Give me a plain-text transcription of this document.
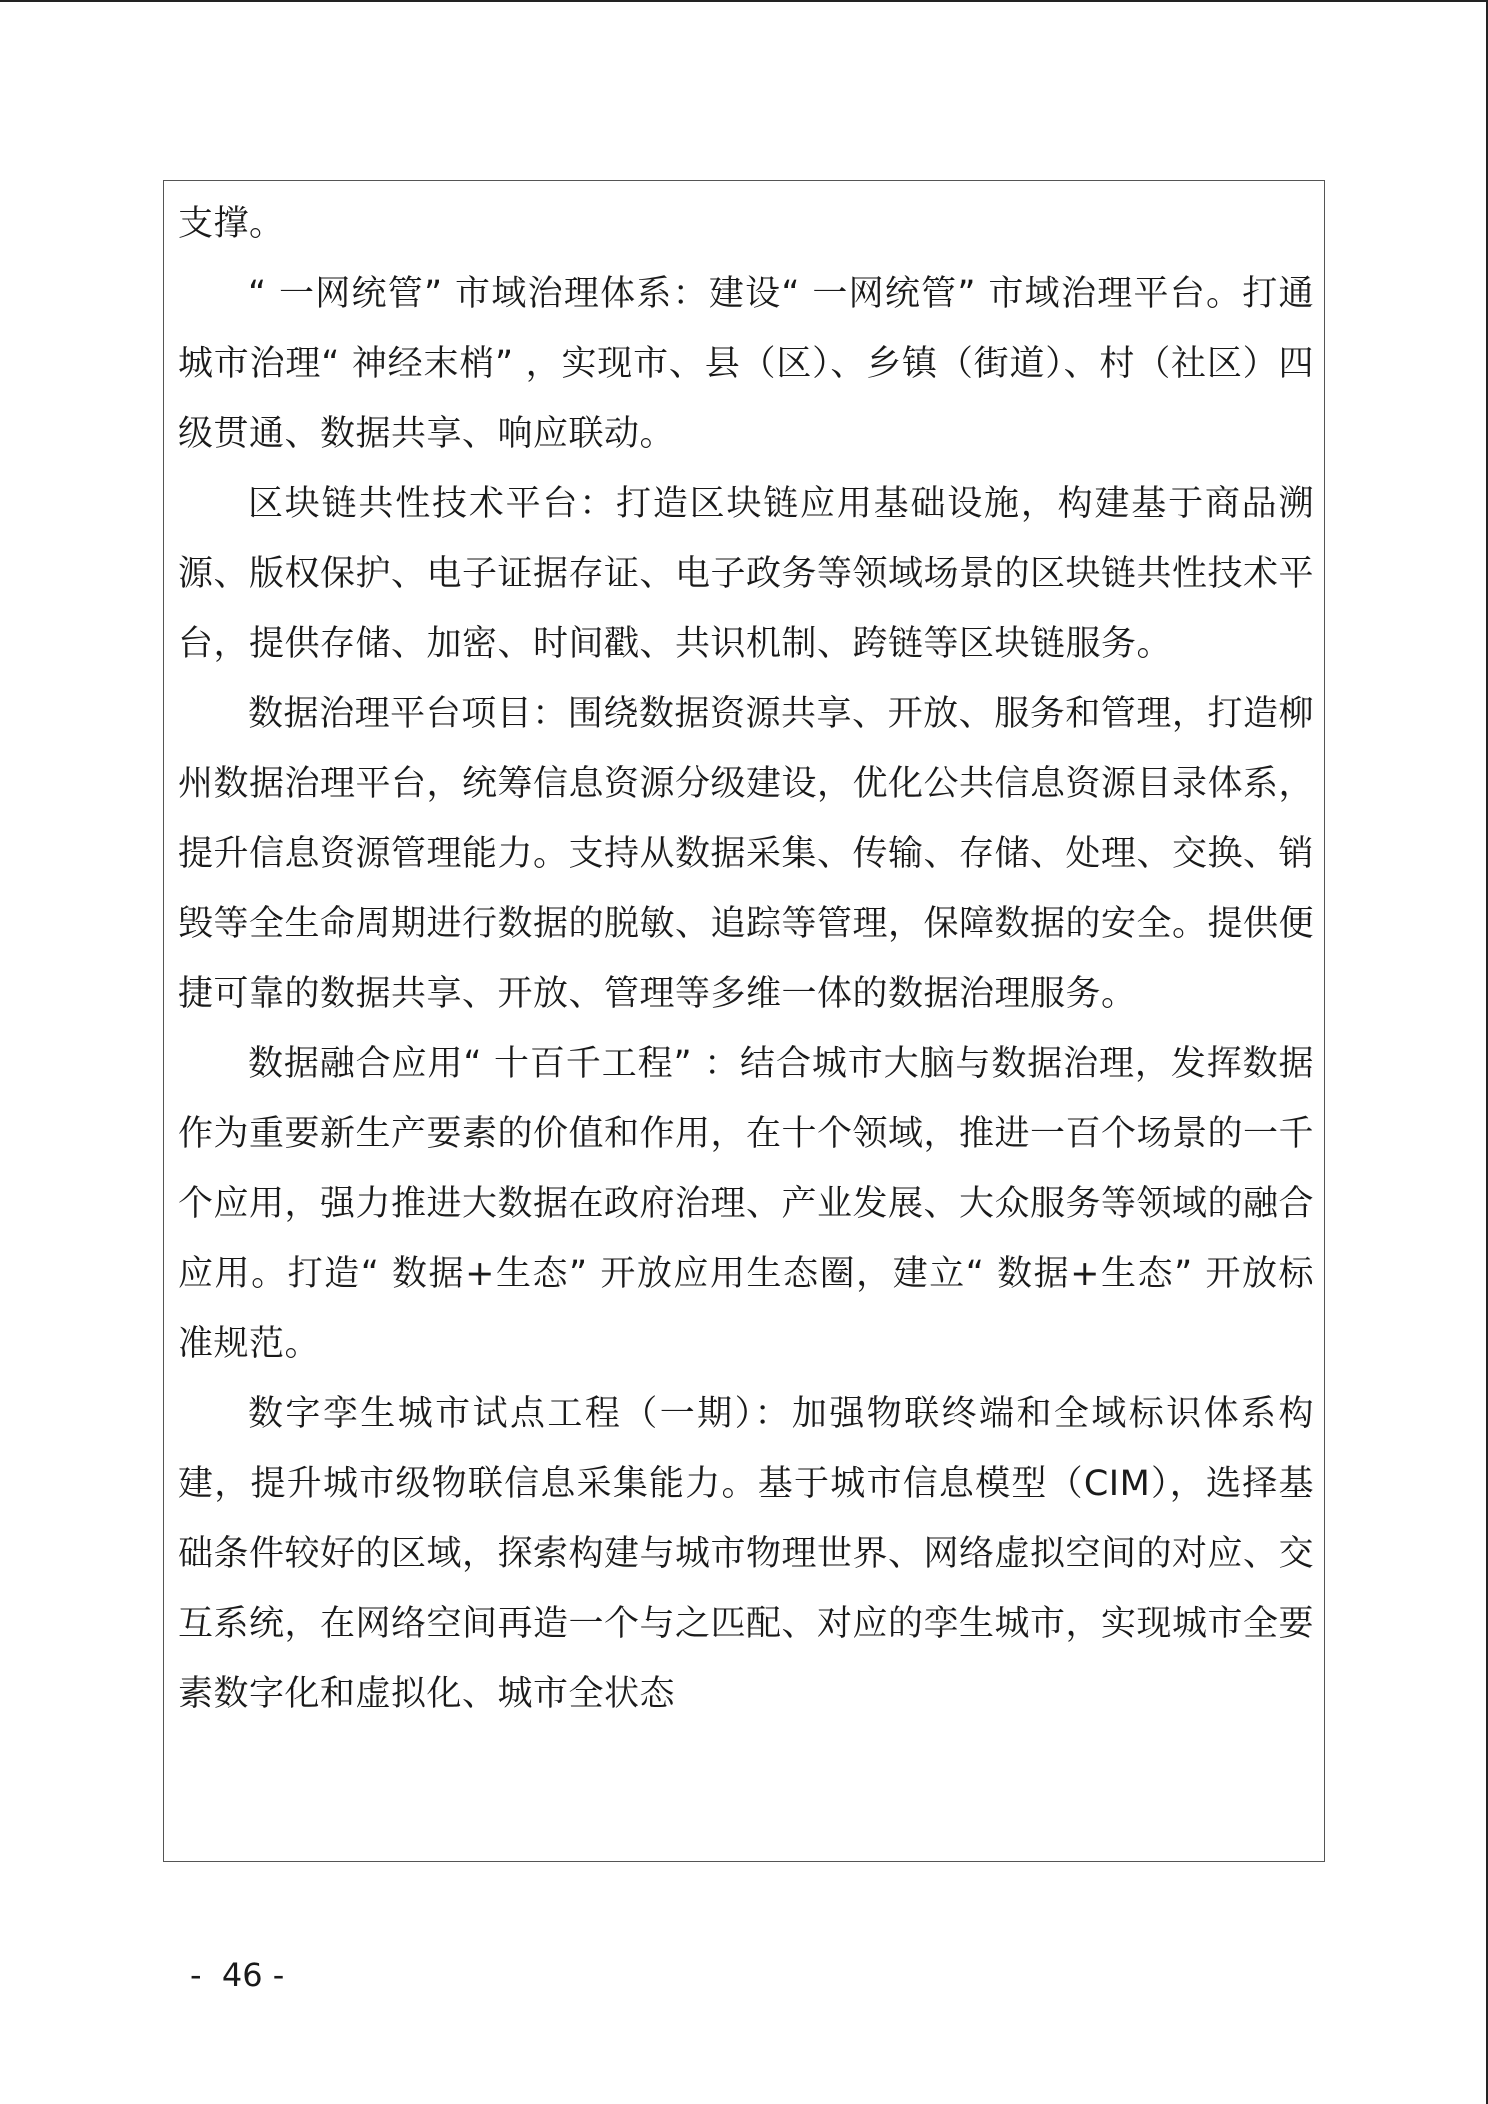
支撑。

“ 一网统管” 市域治理体系：建设“ 一网统管” 市域治理平台。打通城市治理“ 神经末梢” ，实现市、县（区）、乡镇（街道）、村（社区）四级贯通、数据共享、响应联动。

区块链共性技术平台：打造区块链应用基础设施，构建基于商品溯源、版权保护、电子证据存证、电子政务等领域场景的区块链共性技术平台，提供存储、加密、时间戳、共识机制、跨链等区块链服务。

数据治理平台项目：围绕数据资源共享、开放、服务和管理，打造柳州数据治理平台，统筹信息资源分级建设，优化公共信息资源目录体系，提升信息资源管理能力。支持从数据采集、传输、存储、处理、交换、销毁等全生命周期进行数据的脱敏、追踪等管理，保障数据的安全。提供便捷可靠的数据共享、开放、管理等多维一体的数据治理服务。

数据融合应用“ 十百千工程” ：结合城市大脑与数据治理，发挥数据作为重要新生产要素的价值和作用，在十个领域，推进一百个场景的一千个应用，强力推进大数据在政府治理、产业发展、大众服务等领域的融合应用。打造“ 数据+生态” 开放应用生态圈，建立“ 数据+生态” 开放标准规范。

数字孪生城市试点工程（一期）：加强物联终端和全域标识体系构建，提升城市级物联信息采集能力。基于城市信息模型（CIM），选择基础条件较好的区域，探索构建与城市物理世界、网络虚拟空间的对应、交互系统，在网络空间再造一个与之匹配、对应的孪生城市，实现城市全要素数字化和虚拟化、城市全状态

-  46 -
